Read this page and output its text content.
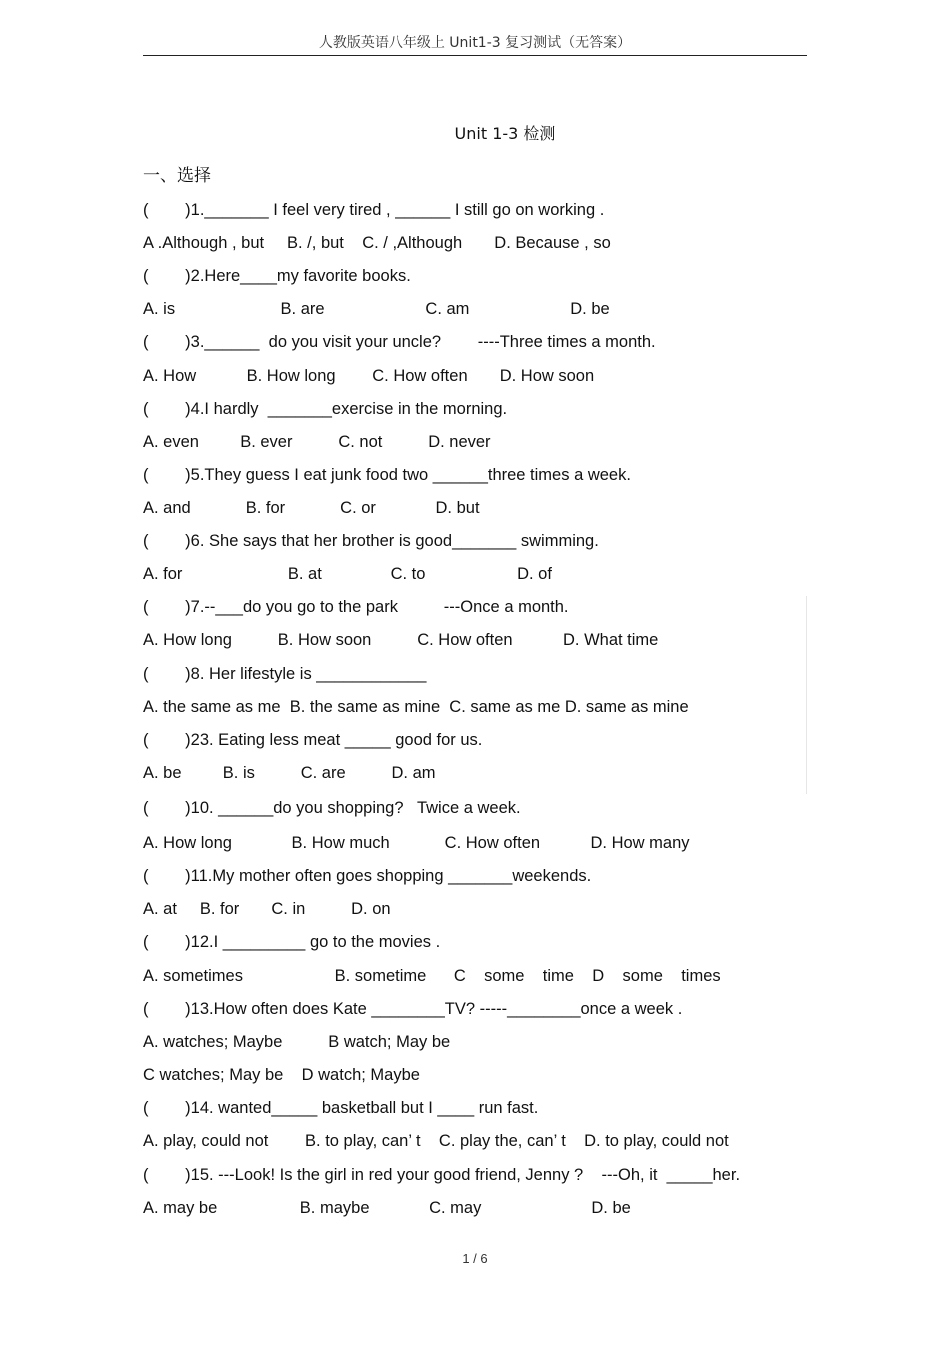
人教版英语八年级上 Unit1-3 复习测试（无答案）
Unit 1-3 检测
一、选择
(        )1._______ I feel very tired , ______ I still go on working .
A .Although , but     B. /, but    C. / ,Although       D. Because , so
(        )2.Here____my favorite books.
A. is                       B. are                      C. am                      D. be
(        )3.______  do you visit your uncle?        ----Three times a month.
A. How           B. How long        C. How often       D. How soon
(        )4.I hardly  _______exercise in the morning.
A. even         B. ever          C. not          D. never
(        )5.They guess I eat junk food two ______three times a week.
A. and            B. for            C. or             D. but
(        )6. She says that her brother is good_______ swimming.
A. for                       B. at               C. to                    D. of
(        )7.--___do you go to the park          ---Once a month.
A. How long          B. How soon          C. How often           D. What time
(        )8. Her lifestyle is ____________
A. the same as me  B. the same as mine  C. same as me D. same as mine
(        )23. Eating less meat _____ good for us.
A. be         B. is          C. are          D. am
(        )10. ______do you shopping?   Twice a week.
A. How long             B. How much            C. How often           D. How many
(        )11.My mother often goes shopping _______weekends.
A. at     B. for       C. in          D. on
(        )12.I _________ go to the movies .
A. sometimes                    B. sometime      C    some    time    D    some    times
(        )13.How often does Kate ________TV? -----________once a week .
A. watches; Maybe          B watch; May be
C watches; May be    D watch; Maybe
(        )14. wanted_____ basketball but I ____ run fast.
A. play, could not        B. to play, can’ t    C. play the, can’ t    D. to play, could not
(        )15. ---Look! Is the girl in red your good friend, Jenny ?    ---Oh, it  _____her.
A. may be                  B. maybe             C. may                        D. be
1 / 6
